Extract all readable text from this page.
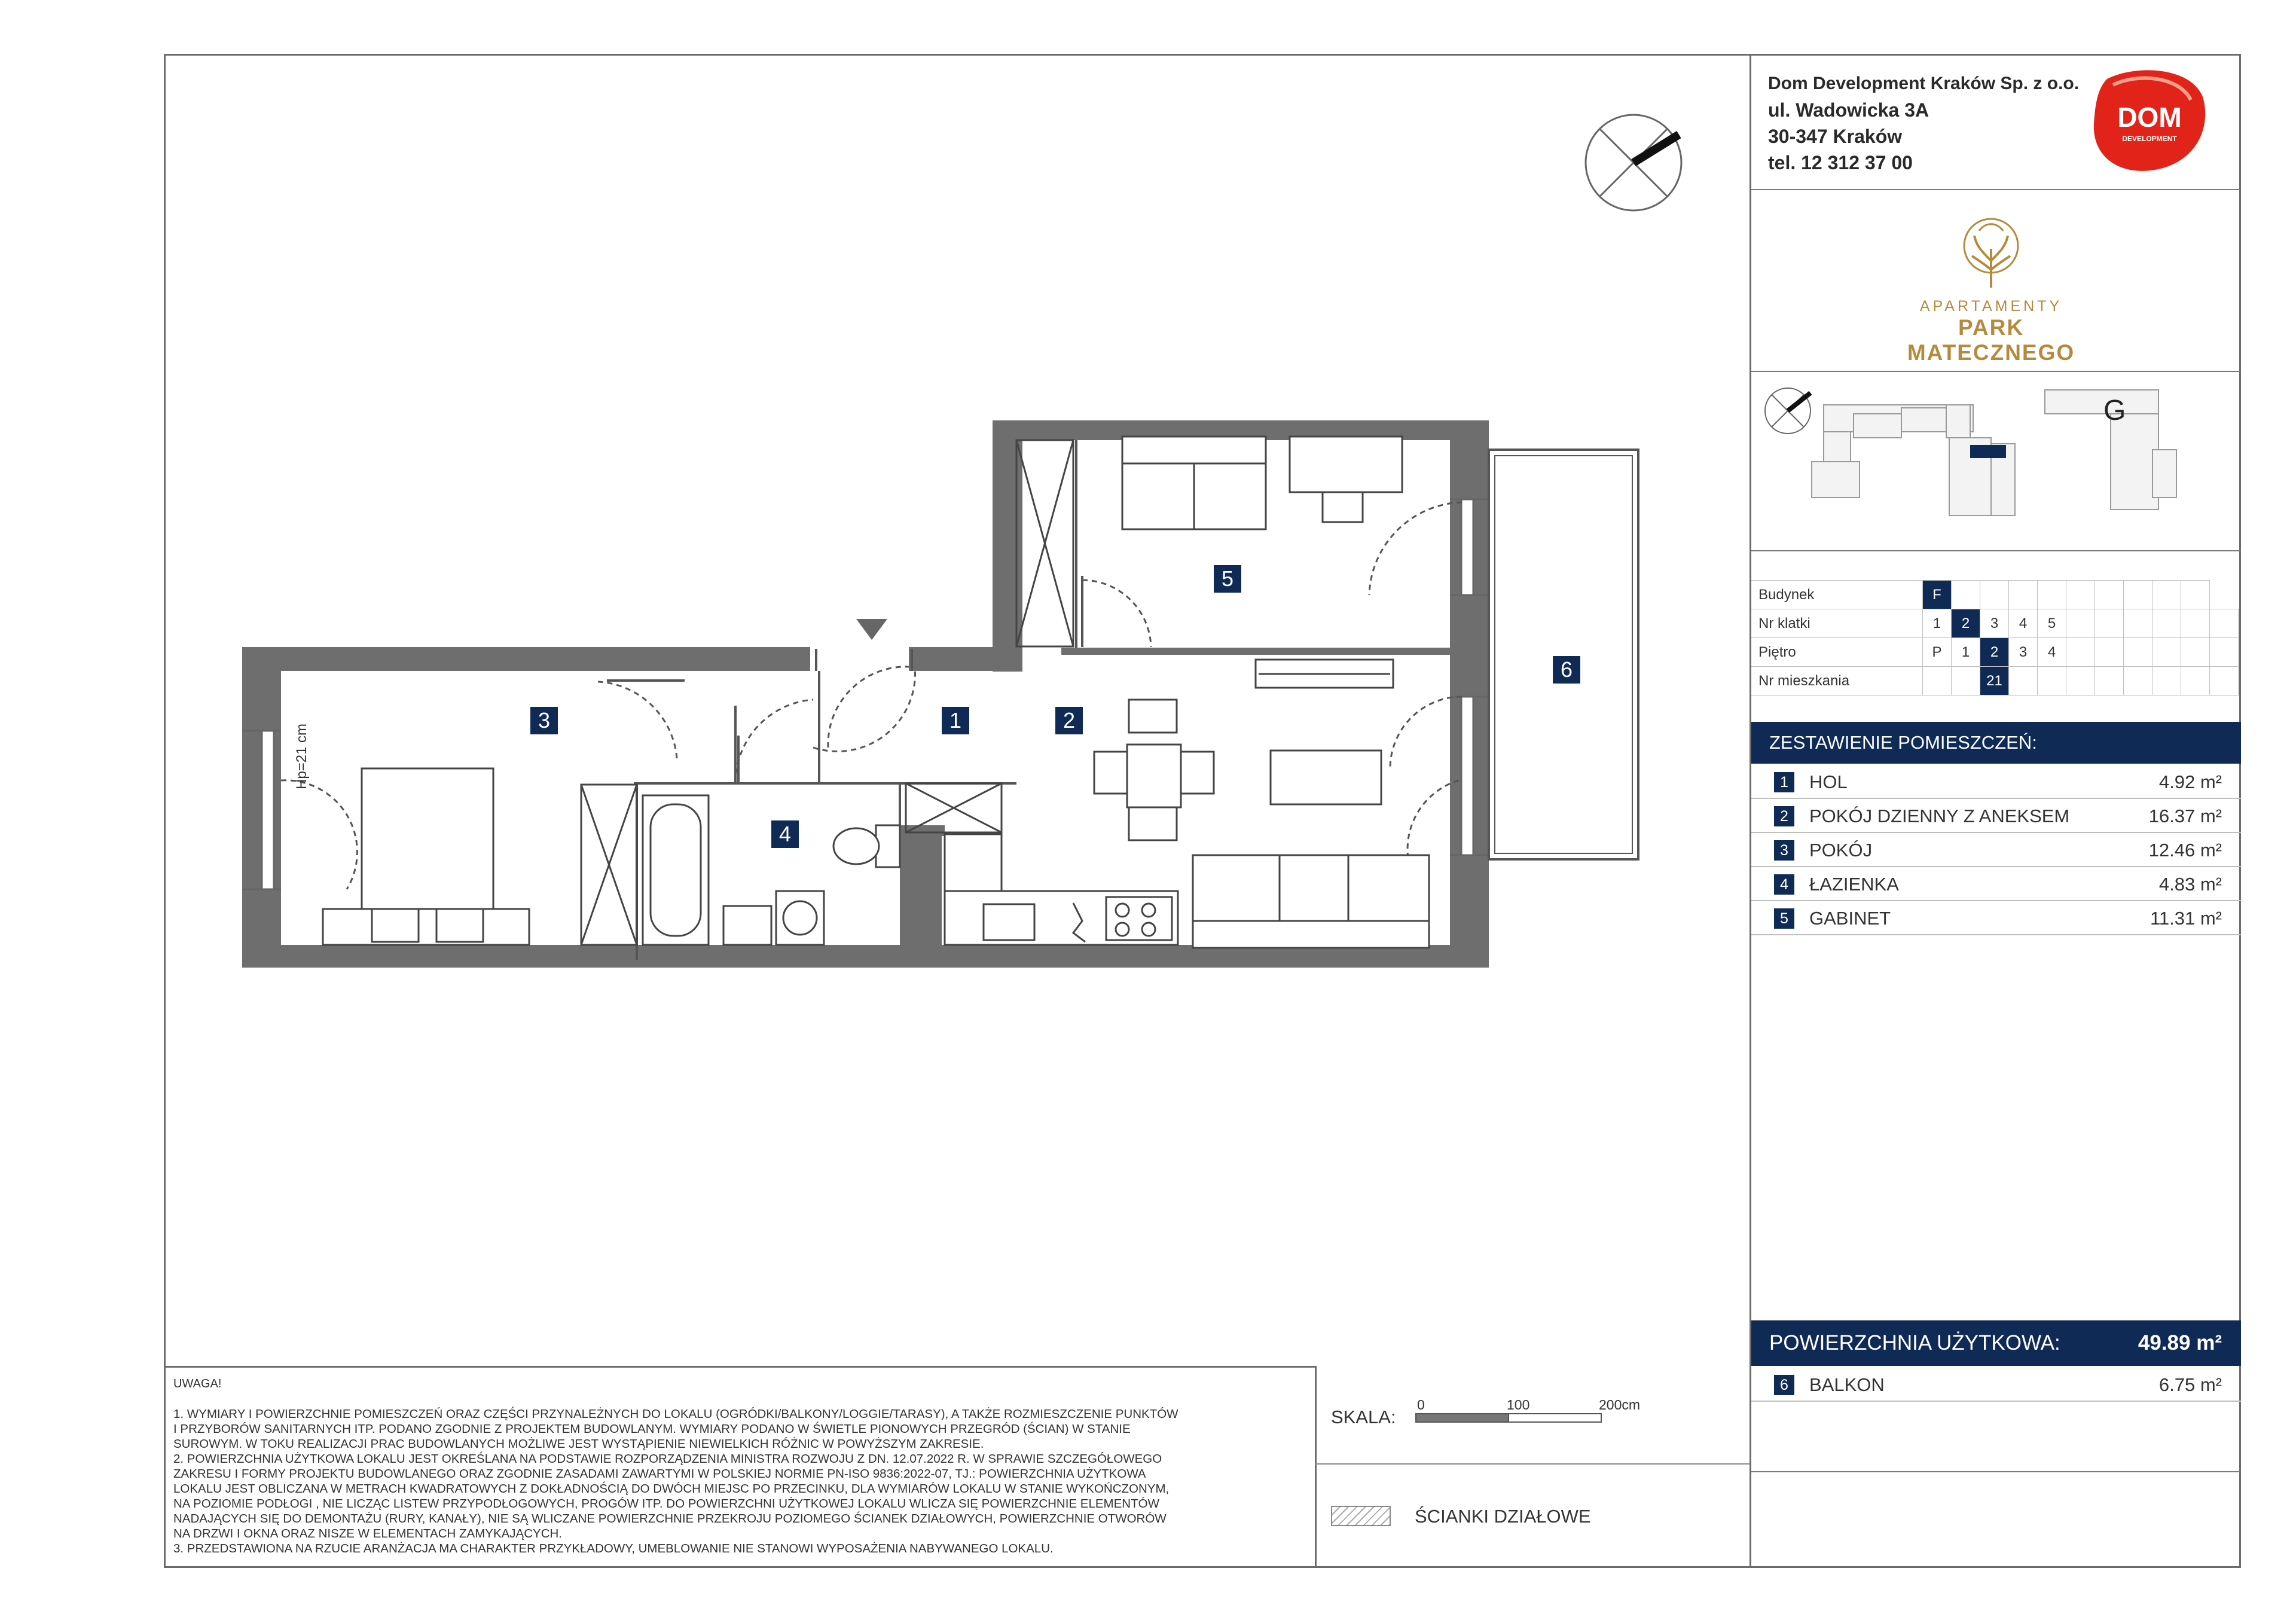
5
1	2
3
4
6
Hp=21 cm
Dom Development Kraków Sp. z o.o.
ul. Wadowicka 3A
30-347 Kraków
tel. 12 312 37 00
DOM
DEVELOPMENT
APARTAMENTY
PARK MATECZNEGO
G
Budynek	F										
Nr klatki	1	2	3	4	5						
Piętro	P	1	2	3	4						
Nr mieszkania			21								
ZESTAWIENIE POMIESZCZEŃ:
1	HOL	4.92 m²
2	POKÓJ DZIENNY Z ANEKSEM	16.37 m²
3	POKÓJ	12.46 m²
4	ŁAZIENKA	4.83 m²
5	GABINET	11.31 m²
POWIERZCHNIA UŻYTKOWA:	49.89 m²
6	BALKON	6.75 m²
UWAGA!

1. WYMIARY I POWIERZCHNIE POMIESZCZEŃ ORAZ CZĘŚCI PRZYNALEŻNYCH DO LOKALU (OGRÓDKI/BALKONY/LOGGIE/TARASY), A TAKŻE ROZMIESZCZENIE PUNKTÓW

I PRZYBORÓW SANITARNYCH ITP. PODANO ZGODNIE Z PROJEKTEM BUDOWLANYM. WYMIARY PODANO W ŚWIETLE PIONOWYCH PRZEGRÓD (ŚCIAN) W STANIE

SUROWYM. W TOKU REALIZACJI PRAC BUDOWLANYCH MOŻLIWE JEST WYSTĄPIENIE NIEWIELKICH RÓŻNIC W POWYŻSZYM ZAKRESIE.

2. POWIERZCHNIA UŻYTKOWA LOKALU JEST OKREŚLANA NA PODSTAWIE ROZPORZĄDZENIA MINISTRA ROZWOJU Z DN. 12.07.2022 R. W SPRAWIE SZCZEGÓŁOWEGO

ZAKRESU I FORMY PROJEKTU BUDOWLANEGO ORAZ ZGODNIE ZASADAMI ZAWARTYMI W POLSKIEJ NORMIE PN-ISO 9836:2022-07, TJ.: POWIERZCHNIA UŻYTKOWA

LOKALU JEST OBLICZANA W METRACH KWADRATOWYCH Z DOKŁADNOŚCIĄ DO DWÓCH MIEJSC PO PRZECINKU, DLA WYMIARÓW LOKALU W STANIE WYKOŃCZONYM,

NA POZIOMIE PODŁOGI , NIE LICZĄC LISTEW PRZYPODŁOGOWYCH, PROGÓW ITP. DO POWIERZCHNI UŻYTKOWEJ LOKALU WLICZA SIĘ POWIERZCHNIE ELEMENTÓW

NADAJĄCYCH SIĘ DO DEMONTAŻU (RURY, KANAŁY), NIE SĄ WLICZANE POWIERZCHNIE PRZEKROJU POZIOMEGO ŚCIANEK DZIAŁOWYCH, POWIERZCHNIE OTWORÓW

NA DRZWI I OKNA ORAZ NISZE W ELEMENTACH ZAMYKAJĄCYCH.

3. PRZEDSTAWIONA NA RZUCIE ARANŻACJA MA CHARAKTER PRZYKŁADOWY, UMEBLOWANIE NIE STANOWI WYPOSAŻENIA NABYWANEGO LOKALU.

SKALA:
0	100	200cm
ŚCIANKI DZIAŁOWE
